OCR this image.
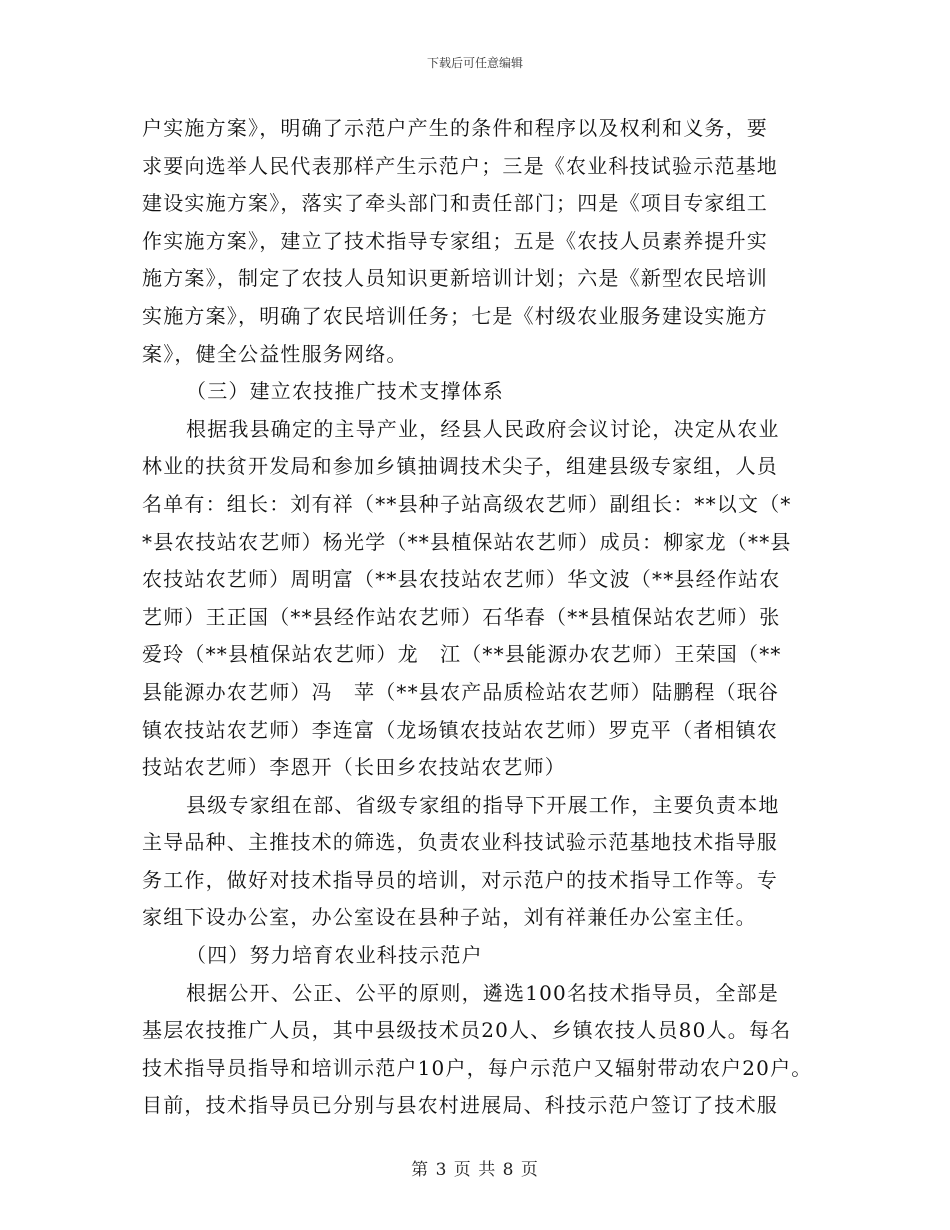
下载后可任意编辑
户实施方案》，明确了示范户产生的条件和程序以及权利和义务，要
求要向选举人民代表那样产生示范户；三是《农业科技试验示范基地
建设实施方案》，落实了牵头部门和责任部门；四是《项目专家组工
作实施方案》，建立了技术指导专家组；五是《农技人员素养提升实
施方案》，制定了农技人员知识更新培训计划；六是《新型农民培训
实施方案》，明确了农民培训任务；七是《村级农业服务建设实施方
案》，健全公益性服务网络。
（三）建立农技推广技术支撑体系
根据我县确定的主导产业，经县人民政府会议讨论，决定从农业
林业的扶贫开发局和参加乡镇抽调技术尖子，组建县级专家组，人员
名单有：组长：刘有祥（**县种子站高级农艺师）副组长：**以文（*
*县农技站农艺师）杨光学（**县植保站农艺师）成员：柳家龙（**县
农技站农艺师）周明富（**县农技站农艺师）华文波（**县经作站农
艺师）王正国（**县经作站农艺师）石华春（**县植保站农艺师）张
爱玲（**县植保站农艺师）龙　江（**县能源办农艺师）王荣国（**
县能源办农艺师）冯　苹（**县农产品质检站农艺师）陆鹏程（珉谷
镇农技站农艺师）李连富（龙场镇农技站农艺师）罗克平（者相镇农
技站农艺师）李恩开（长田乡农技站农艺师）
县级专家组在部、省级专家组的指导下开展工作，主要负责本地
主导品种、主推技术的筛选，负责农业科技试验示范基地技术指导服
务工作，做好对技术指导员的培训，对示范户的技术指导工作等。专
家组下设办公室，办公室设在县种子站，刘有祥兼任办公室主任。
（四）努力培育农业科技示范户
根据公开、公正、公平的原则，遴选100名技术指导员，全部是
基层农技推广人员，其中县级技术员20人、乡镇农技人员80人。每名
技术指导员指导和培训示范户10户，每户示范户又辐射带动农户20户。
目前，技术指导员已分别与县农村进展局、科技示范户签订了技术服
第 3 页 共 8 页
